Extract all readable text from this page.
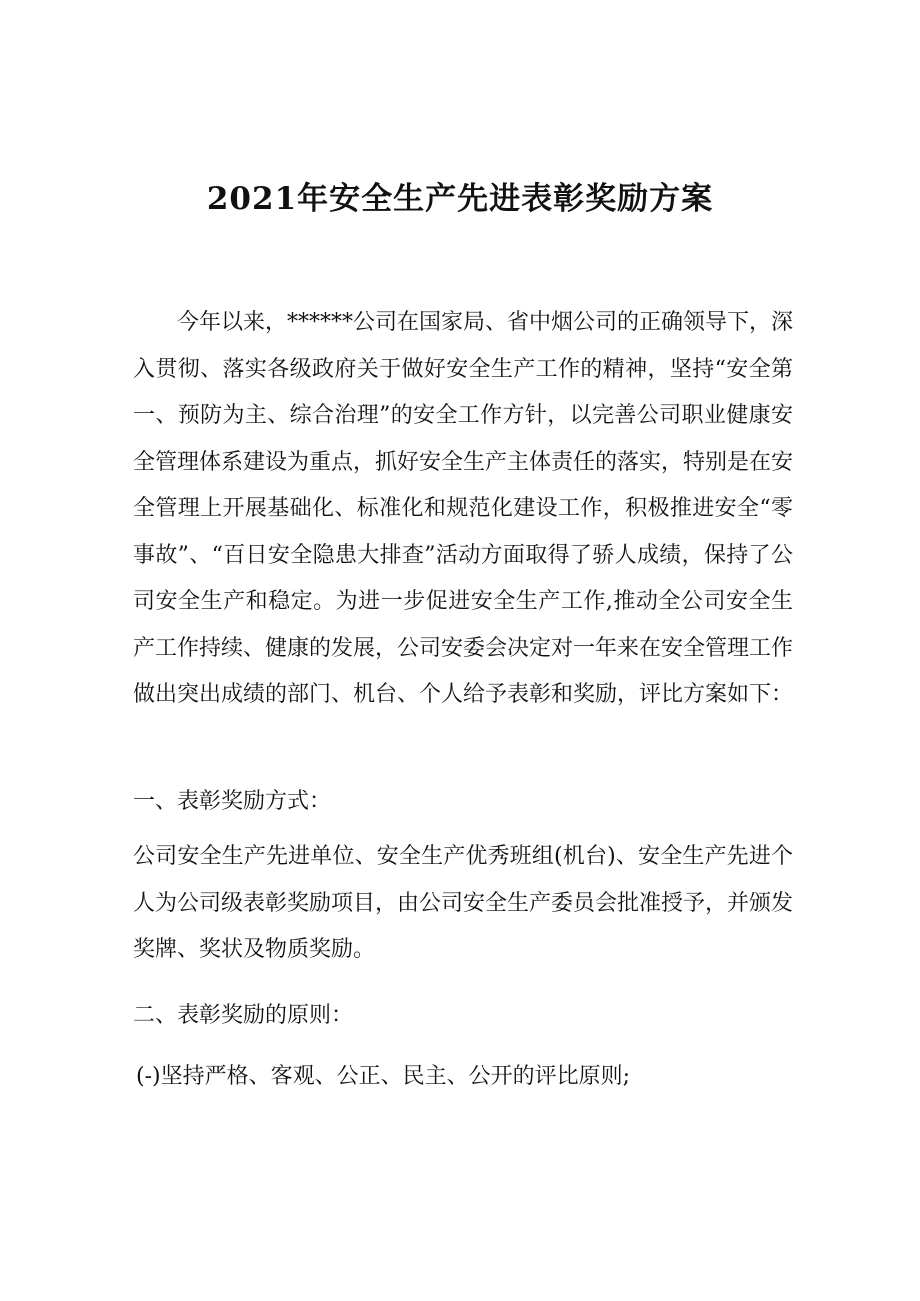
2021年安全生产先进表彰奖励方案

今年以来，******公司在国家局、省中烟公司的正确领导下，深入贯彻、落实各级政府关于做好安全生产工作的精神，坚持“安全第一、预防为主、综合治理”的安全工作方针，以完善公司职业健康安全管理体系建设为重点，抓好安全生产主体责任的落实，特别是在安全管理上开展基础化、标准化和规范化建设工作，积极推进安全“零事故”、“百日安全隐患大排查”活动方面取得了骄人成绩，保持了公司安全生产和稳定。为进一步促进安全生产工作,推动全公司安全生产工作持续、健康的发展，公司安委会决定对一年来在安全管理工作做出突出成绩的部门、机台、个人给予表彰和奖励，评比方案如下：

一、表彰奖励方式：

公司安全生产先进单位、安全生产优秀班组(机台)、安全生产先进个人为公司级表彰奖励项目，由公司安全生产委员会批准授予，并颁发奖牌、奖状及物质奖励。

二、表彰奖励的原则：

(-)坚持严格、客观、公正、民主、公开的评比原则;
